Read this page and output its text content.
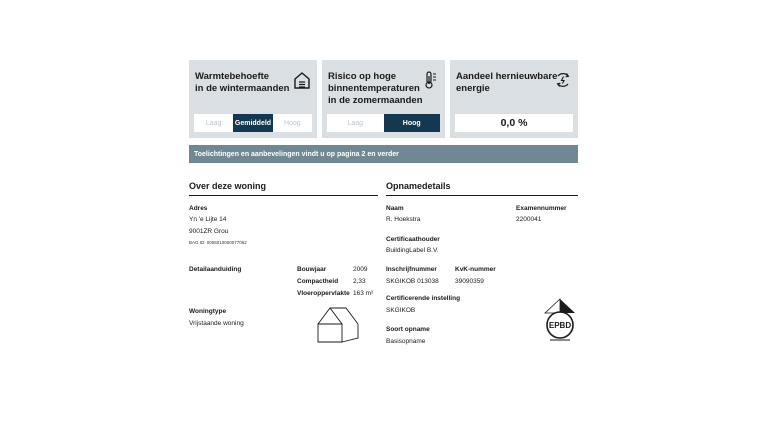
Warmtebehoefte
in de wintermaanden
Laag	Gemiddeld	Hoog
Risico op hoge
binnentemperaturen
in de zomermaanden
Laag	Hoog
Aandeel hernieuwbare
energie
0,0 %
Toelichtingen en aanbevelingen vindt u op pagina 2 en verder
Over deze woning
Adres
Yn 'e Lijte 14
9001ZR Grou
BAG ID: 0055010000077062
Detailaanduiding	Bouwjaar	2009
Compactheid 2,33
Vloeroppervlakte 163 m²
Woningtype
Vrijstaande woning
Opnamedetails
Naam
R. Hoekstra
Examennummer
2200041
Certificaathouder
BuildingLabel B.V.
Inschrijfnummer
SKGIKOB 013038
KvK-nummer
39090359
Certificerende instelling
SKGIKOB
Soort opname
Basisopname
EPBD
